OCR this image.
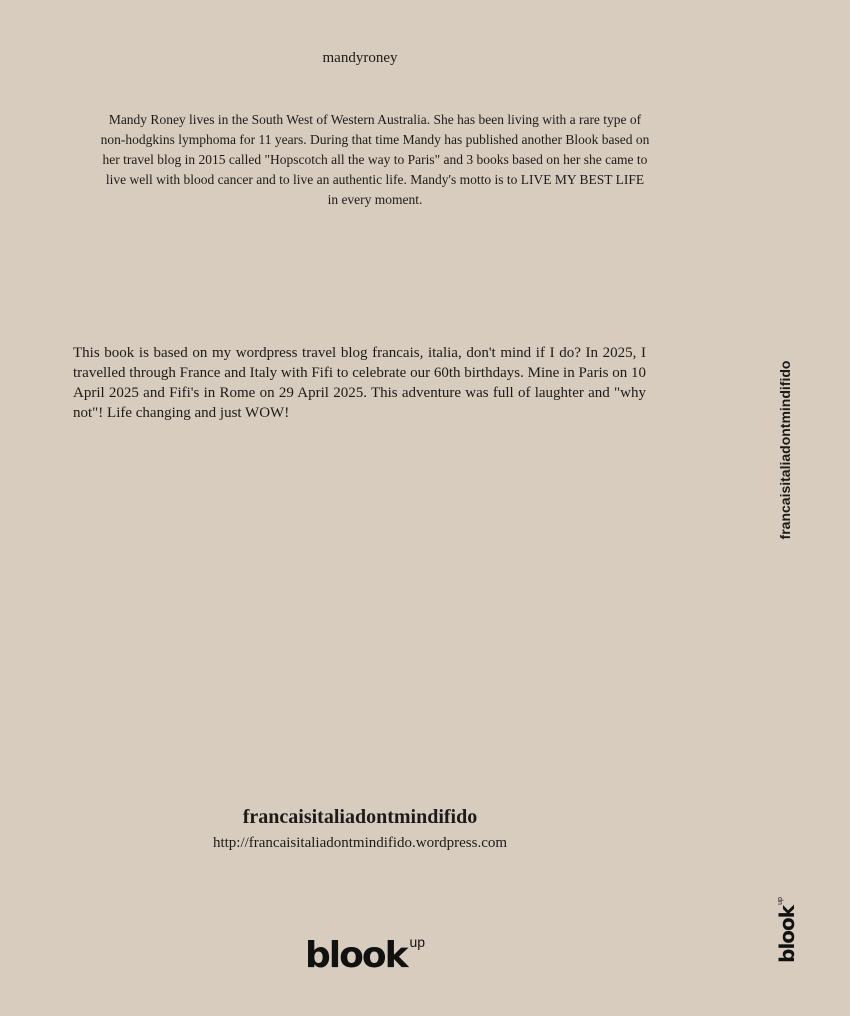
mandyroney
Mandy Roney lives in the South West of Western Australia. She has been living with a rare type of non-hodgkins lymphoma for 11 years. During that time Mandy has published another Blook based on her travel blog in 2015 called "Hopscotch all the way to Paris" and 3 books based on her she came to live well with blood cancer and to live an authentic life. Mandy's motto is to LIVE MY BEST LIFE in every moment.
This book is based on my wordpress travel blog francais, italia, don't mind if I do? In 2025, I travelled through France and Italy with Fifi to celebrate our 60th birthdays. Mine in Paris on 10 April 2025 and Fifi's in Rome on 29 April 2025. This adventure was full of laughter and "why not"! Life changing and just WOW!
francaisitaliadontmindifido
http://francaisitaliadontmindifido.wordpress.com
francaisitaliadontmindifido
blook $^{up}$	blook$^{up}$
